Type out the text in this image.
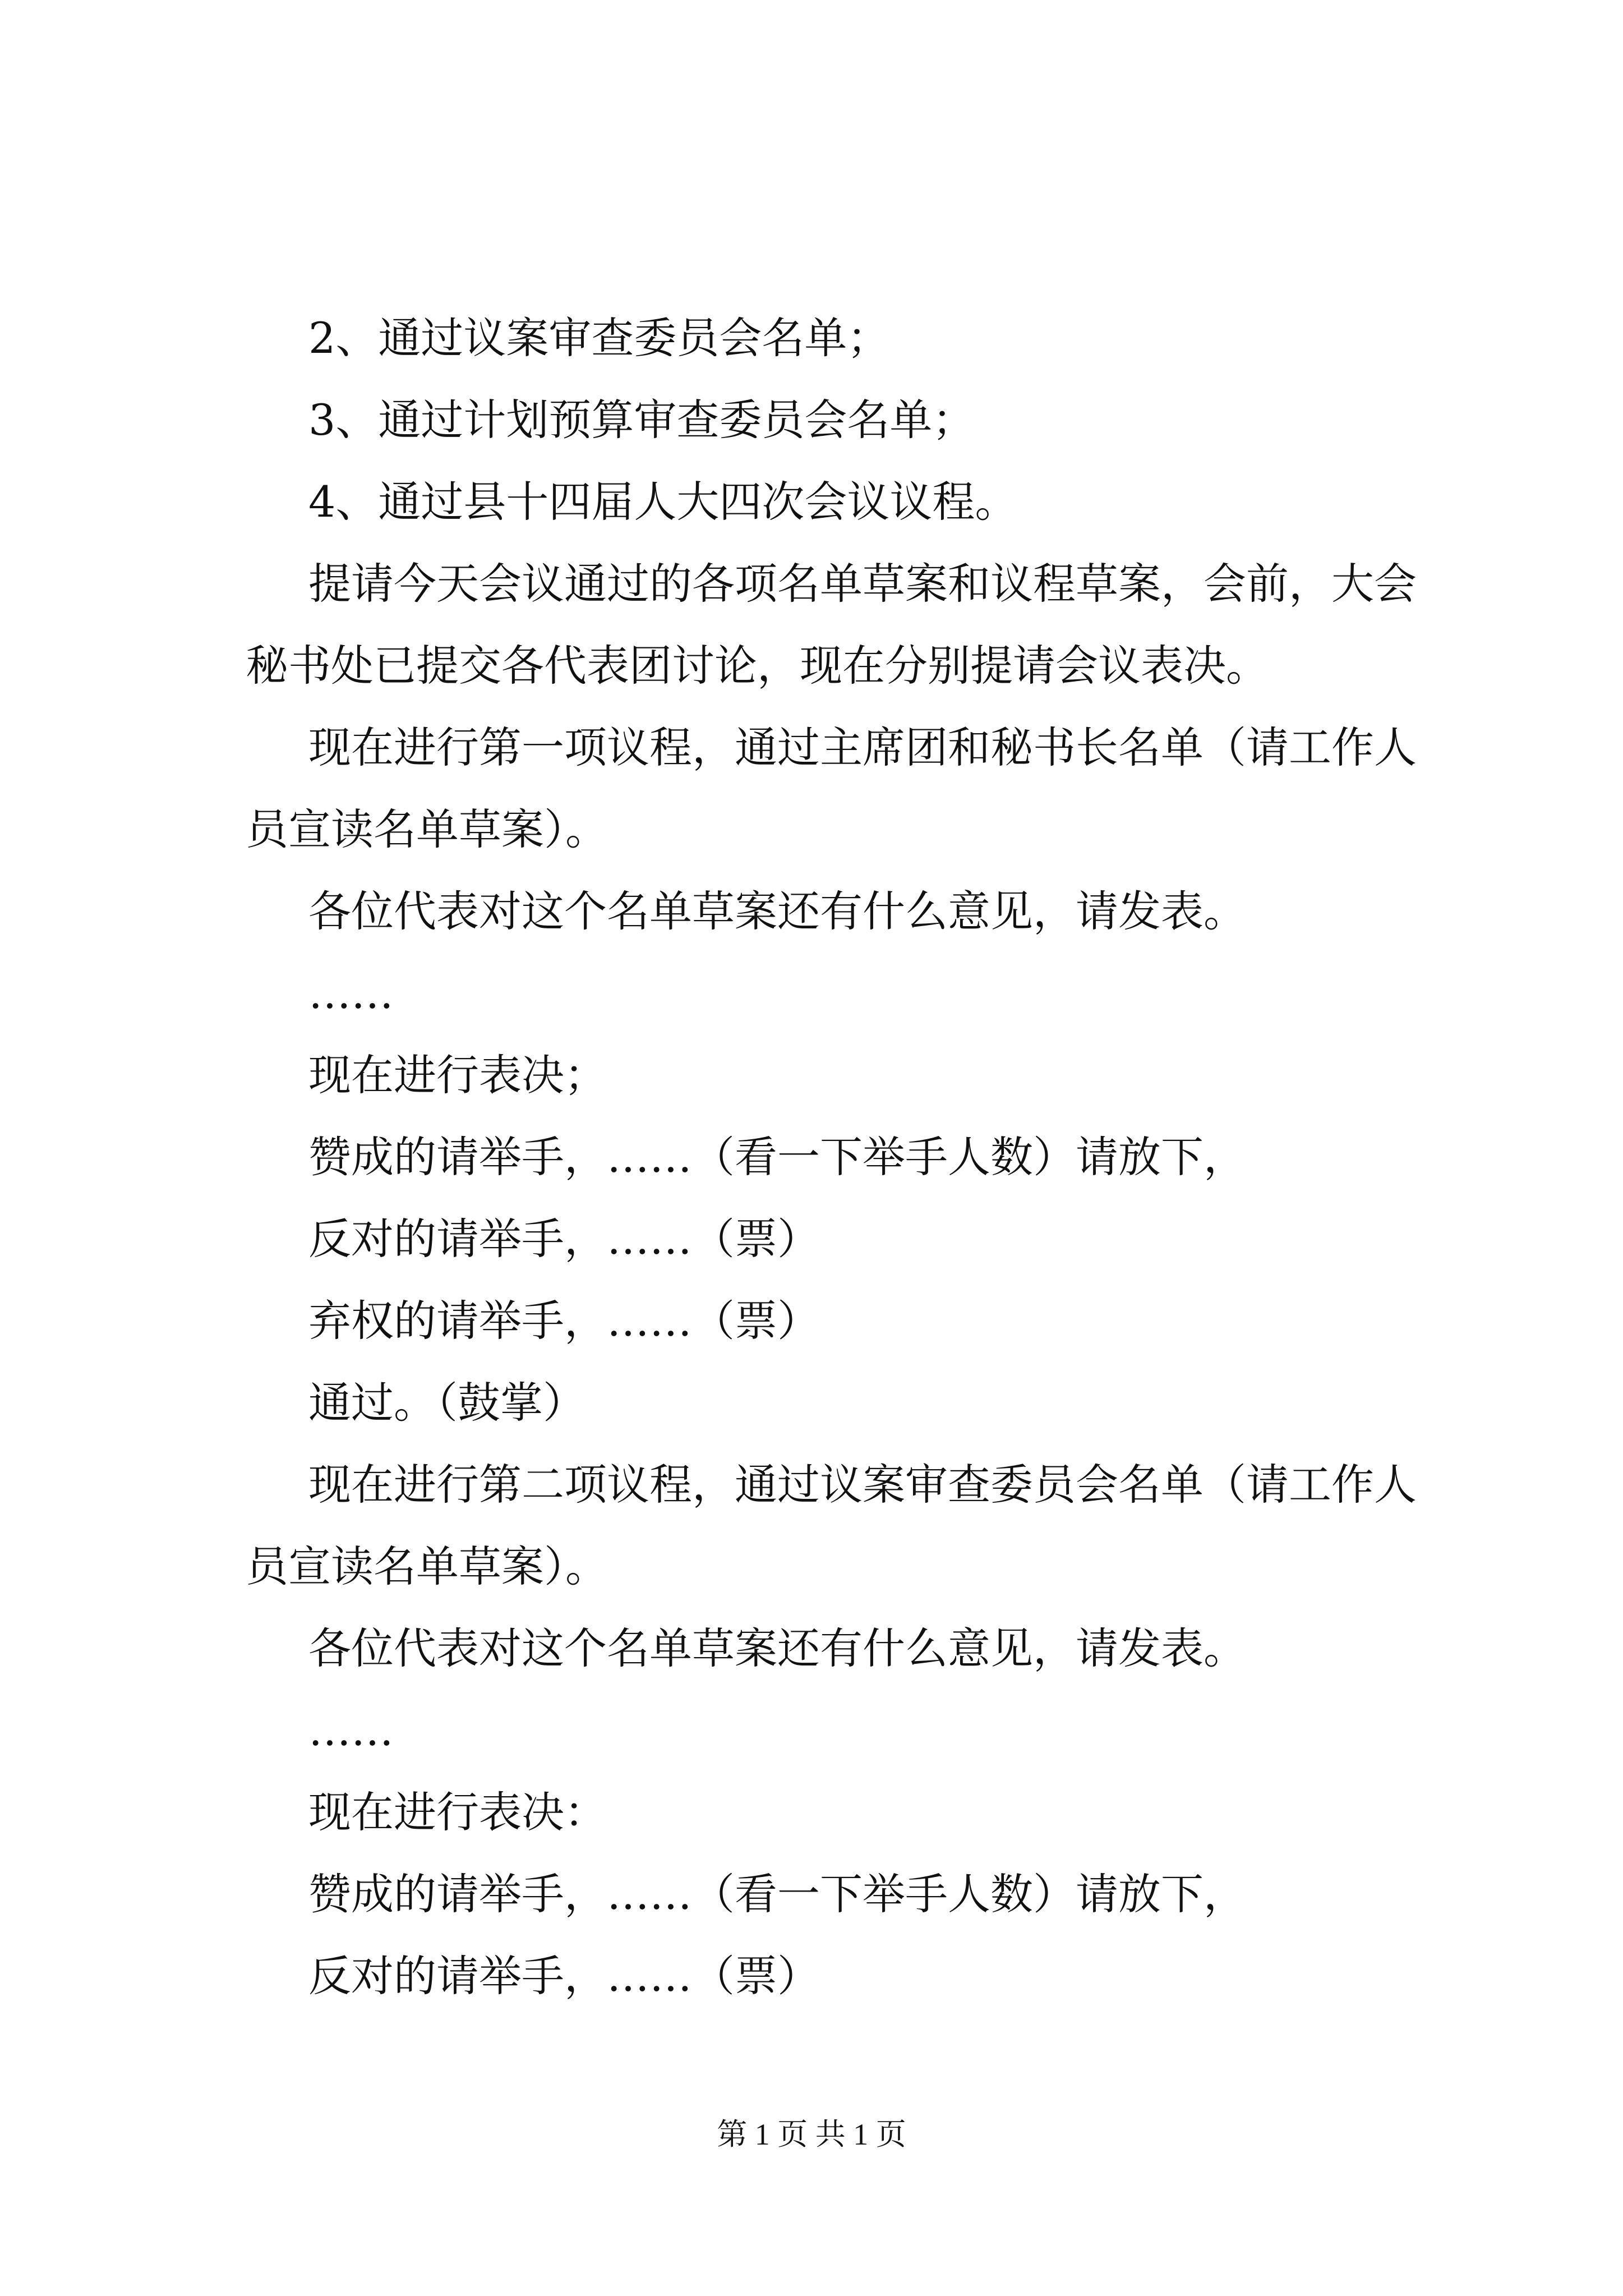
2、通过议案审查委员会名单；
3、通过计划预算审查委员会名单；
4、通过县十四届人大四次会议议程。
提请今天会议通过的各项名单草案和议程草案，会前，大会
秘书处已提交各代表团讨论，现在分别提请会议表决。
现在进行第一项议程，通过主席团和秘书长名单（请工作人
员宣读名单草案）。
各位代表对这个名单草案还有什么意见，请发表。
……
现在进行表决；
赞成的请举手，……（看一下举手人数）请放下，
反对的请举手，……（票）
弃权的请举手，……（票）
通过。（鼓掌）
现在进行第二项议程，通过议案审查委员会名单（请工作人
员宣读名单草案）。
各位代表对这个名单草案还有什么意见，请发表。
……
现在进行表决：
赞成的请举手，……（看一下举手人数）请放下，
反对的请举手，……（票）
第 1 页 共 1 页
